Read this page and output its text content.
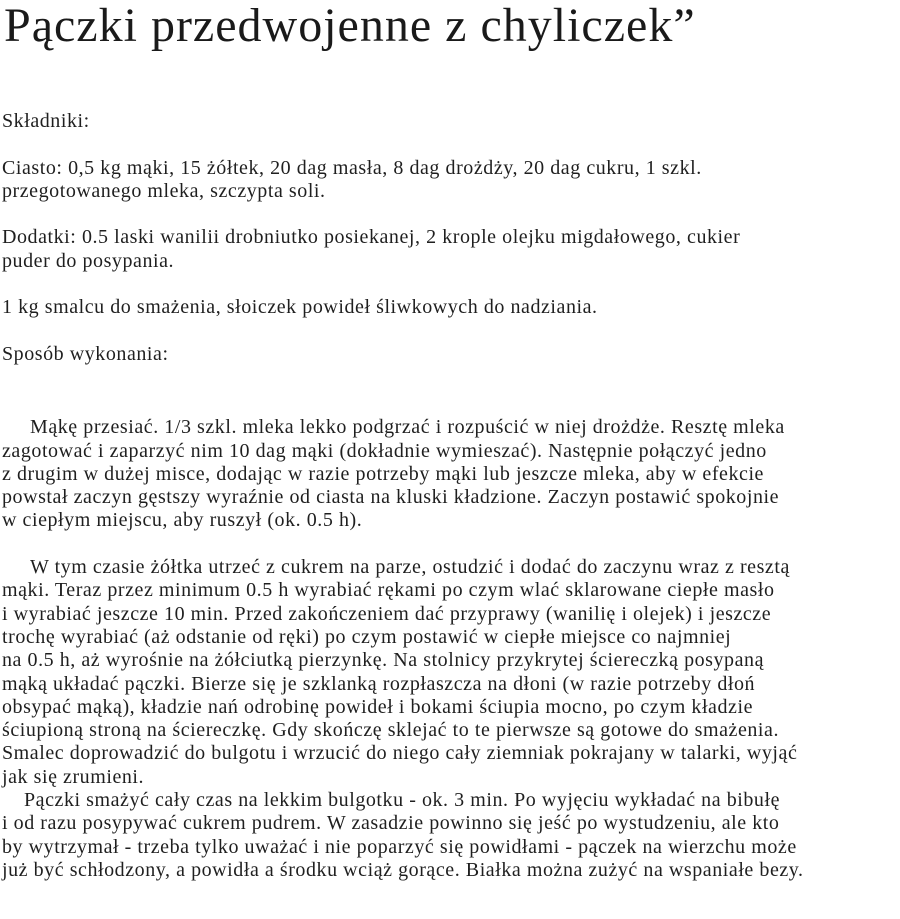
Pączki przedwojenne z chyliczek”
Składniki:
Ciasto: 0,5 kg mąki, 15 żółtek, 20 dag masła, 8 dag drożdży, 20 dag cukru, 1 szkl.
przegotowanego mleka, szczypta soli.
Dodatki: 0.5 laski wanilii drobniutko posiekanej, 2 krople olejku migdałowego, cukier
puder do posypania.
1 kg smalcu do smażenia, słoiczek powideł śliwkowych do nadziania.
Sposób wykonania:
Mąkę przesiać. 1/3 szkl. mleka lekko podgrzać i rozpuścić w niej drożdże. Resztę mleka
zagotować i zaparzyć nim 10 dag mąki (dokładnie wymieszać). Następnie połączyć jedno
z drugim w dużej misce, dodając w razie potrzeby mąki lub jeszcze mleka, aby w efekcie
powstał zaczyn gęstszy wyraźnie od ciasta na kluski kładzione. Zaczyn postawić spokojnie
w ciepłym miejscu, aby ruszył (ok. 0.5 h).
W tym czasie żółtka utrzeć z cukrem na parze, ostudzić i dodać do zaczynu wraz z resztą
mąki. Teraz przez minimum 0.5 h wyrabiać rękami po czym wlać sklarowane ciepłe masło
i wyrabiać jeszcze 10 min. Przed zakończeniem dać przyprawy (wanilię i olejek) i jeszcze
trochę wyrabiać (aż odstanie od ręki) po czym postawić w ciepłe miejsce co najmniej
na 0.5 h, aż wyrośnie na żółciutką pierzynkę. Na stolnicy przykrytej ściereczką posypaną
mąką układać pączki. Bierze się je szklanką rozpłaszcza na dłoni (w razie potrzeby dłoń
obsypać mąką), kładzie nań odrobinę powideł i bokami ściupia mocno, po czym kładzie
ściupioną stroną na ściereczkę. Gdy skończę sklejać to te pierwsze są gotowe do smażenia.
Smalec doprowadzić do bulgotu i wrzucić do niego cały ziemniak pokrajany w talarki, wyjąć
jak się zrumieni.
Pączki smażyć cały czas na lekkim bulgotku - ok. 3 min. Po wyjęciu wykładać na bibułę
i od razu posypywać cukrem pudrem. W zasadzie powinno się jeść po wystudzeniu, ale kto
by wytrzymał - trzeba tylko uważać i nie poparzyć się powidłami - pączek na wierzchu może
już być schłodzony, a powidła a środku wciąż gorące. Białka można zużyć na wspaniałe bezy.
